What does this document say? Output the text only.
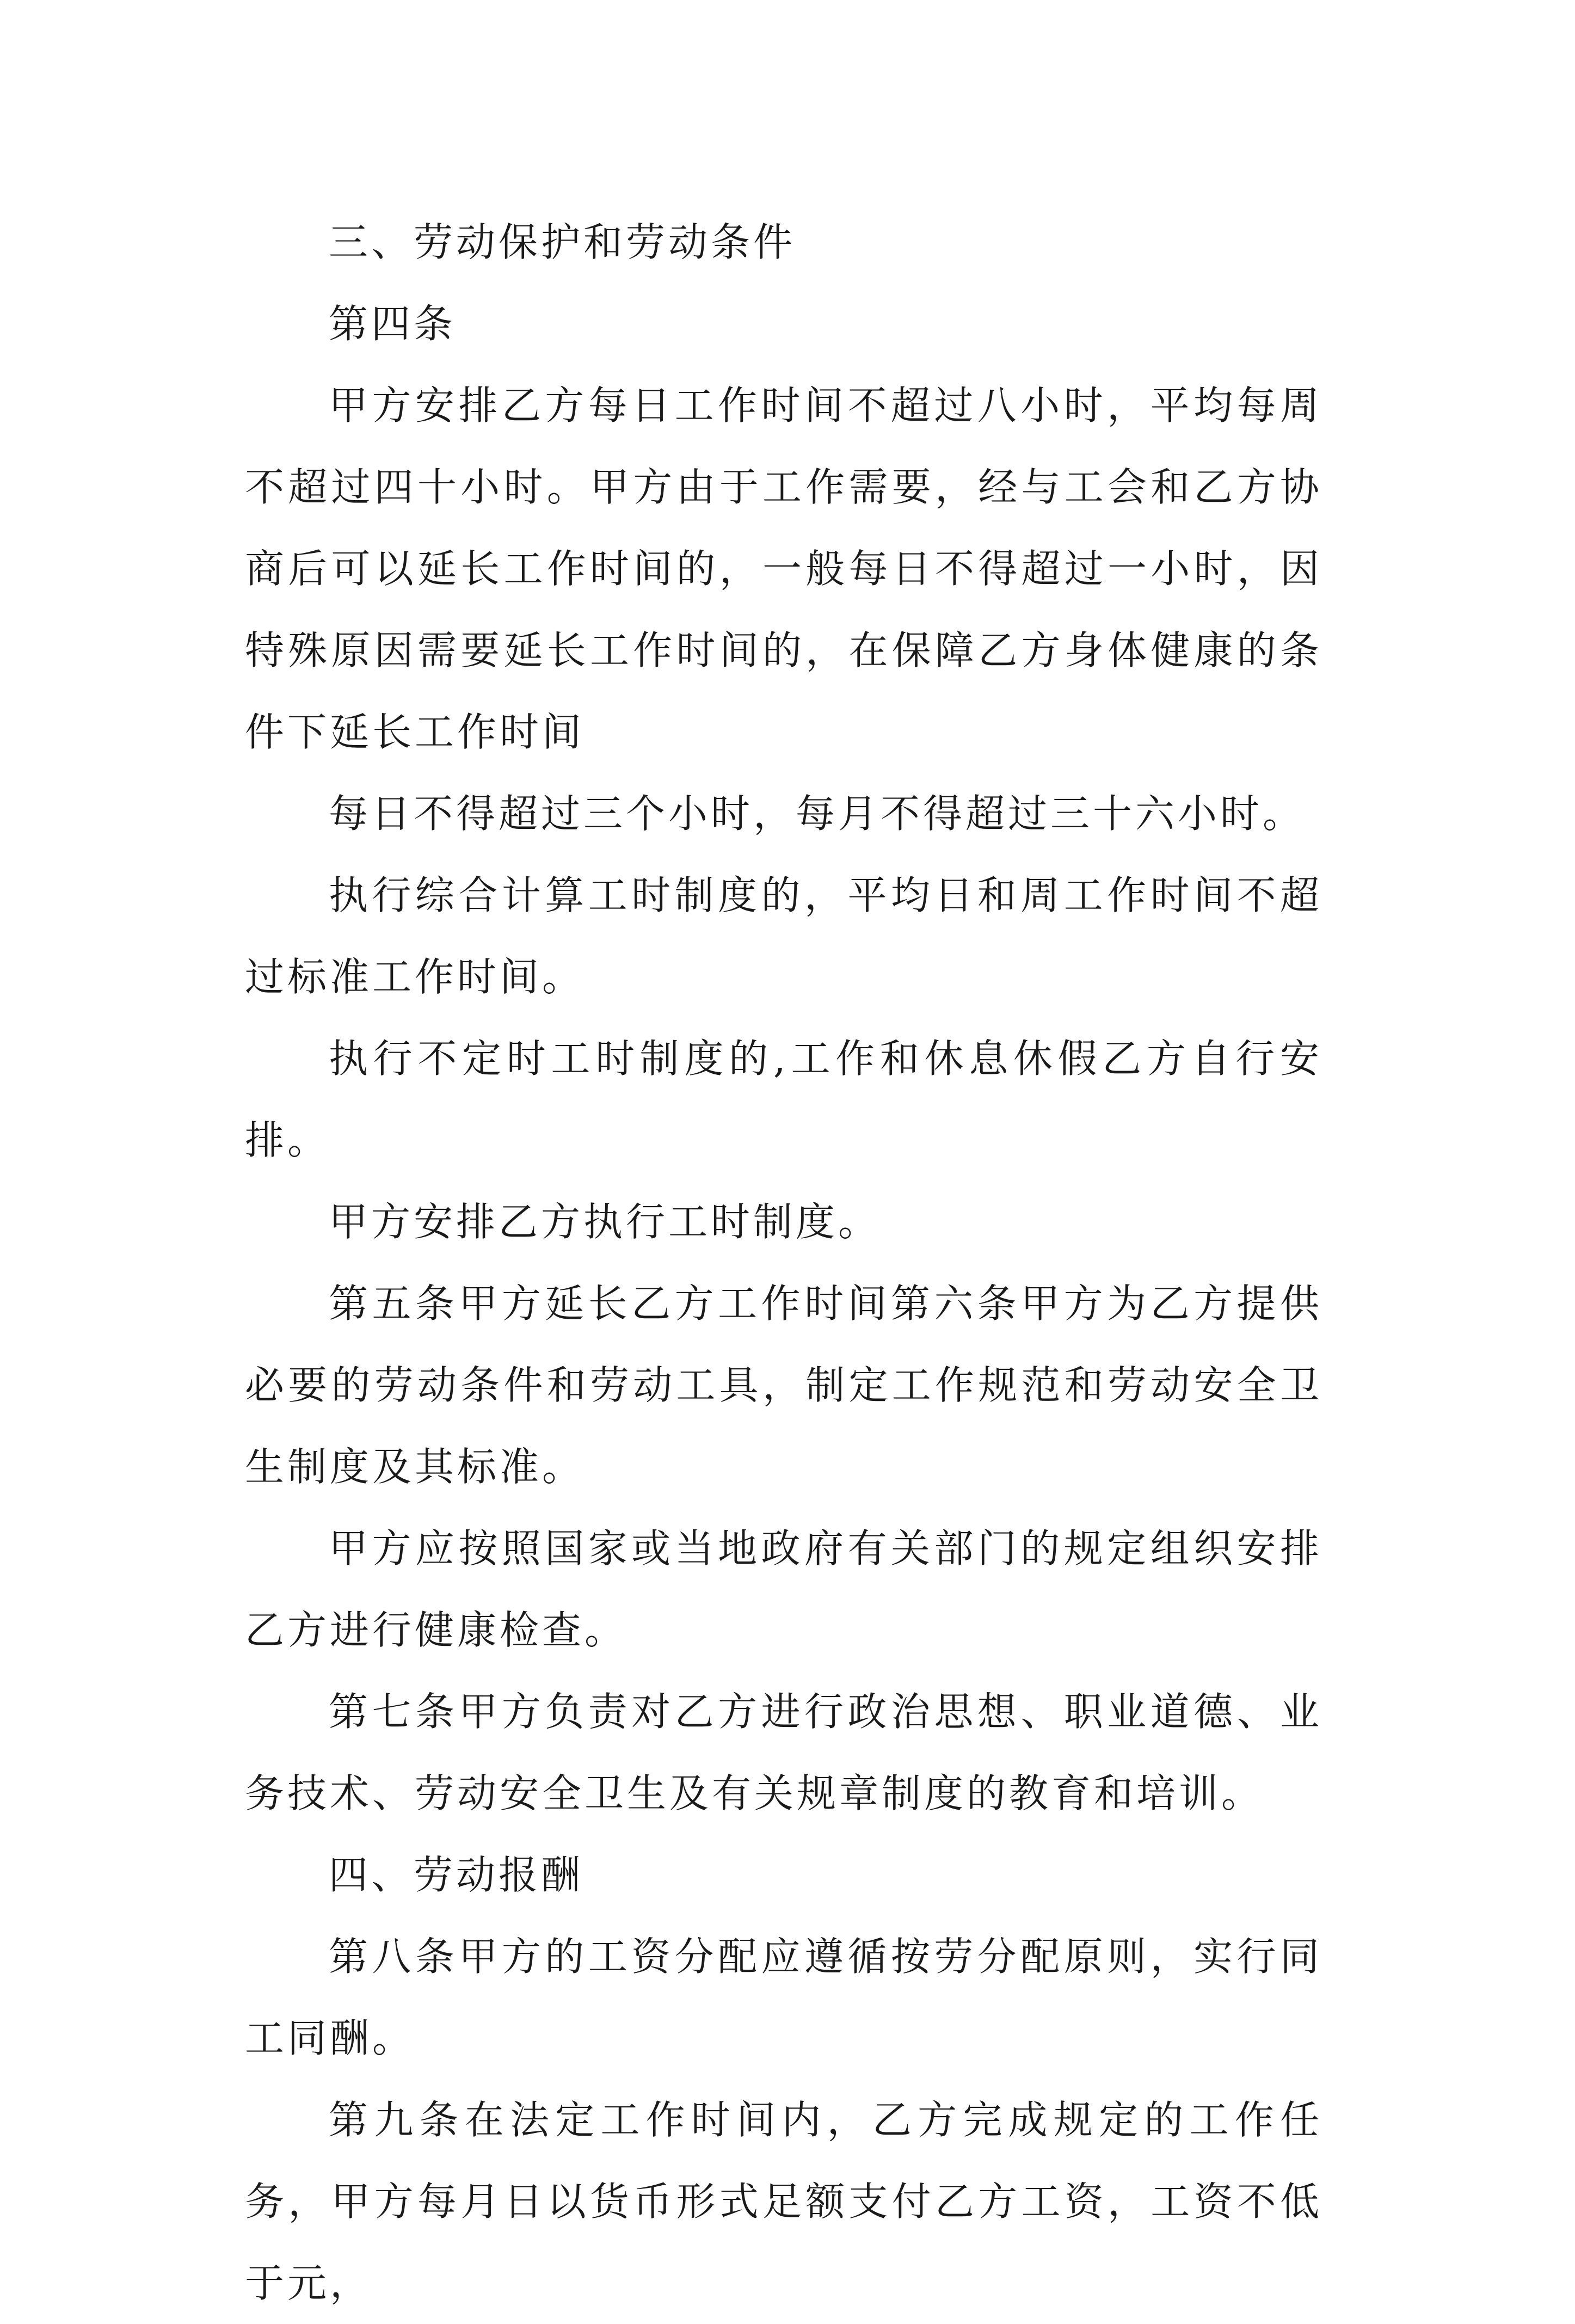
三、劳动保护和劳动条件

第四条

甲方安排乙方每日工作时间不超过八小时，平均每周不超过四十小时。甲方由于工作需要，经与工会和乙方协商后可以延长工作时间的，一般每日不得超过一小时，因特殊原因需要延长工作时间的，在保障乙方身体健康的条件下延长工作时间

每日不得超过三个小时，每月不得超过三十六小时。

执行综合计算工时制度的，平均日和周工作时间不超过标准工作时间。

执行不定时工时制度的,工作和休息休假乙方自行安排。

甲方安排乙方执行工时制度。

第五条甲方延长乙方工作时间第六条甲方为乙方提供必要的劳动条件和劳动工具，制定工作规范和劳动安全卫生制度及其标准。

甲方应按照国家或当地政府有关部门的规定组织安排乙方进行健康检查。

第七条甲方负责对乙方进行政治思想、职业道德、业务技术、劳动安全卫生及有关规章制度的教育和培训。

四、劳动报酬

第八条甲方的工资分配应遵循按劳分配原则，实行同工同酬。

第九条在法定工作时间内，乙方完成规定的工作任务，甲方每月日以货币形式足额支付乙方工资，工资不低于元，
